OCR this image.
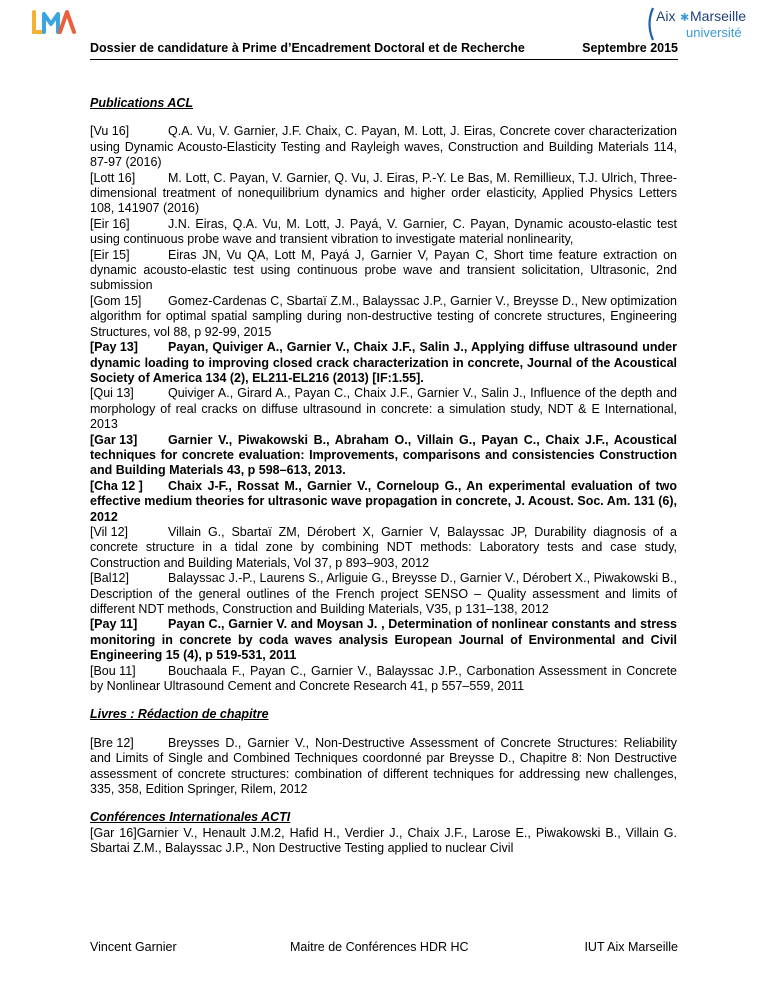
Aix ✱ Marseille
université
Dossier de candidature à Prime d’Encadrement Doctoral et de Recherche	Septembre 2015

Publications ACL

[Vu 16]	Q.A. Vu, V. Garnier, J.F. Chaix, C. Payan, M. Lott, J. Eiras, Concrete cover characterization using Dynamic Acousto-Elasticity Testing and Rayleigh waves, Construction and Building Materials 114, 87-97 (2016)

[Lott 16]	M. Lott, C. Payan, V. Garnier, Q. Vu, J. Eiras, P.-Y. Le Bas, M. Remillieux, T.J. Ulrich, Three-dimensional treatment of nonequilibrium dynamics and higher order elasticity, Applied Physics Letters 108, 141907 (2016)

[Eir 16]	J.N. Eiras, Q.A. Vu, M. Lott, J. Payá, V. Garnier, C. Payan, Dynamic acousto-elastic test using continuous probe wave and transient vibration to investigate material nonlinearity,

[Eir 15]	Eiras JN, Vu QA, Lott M, Payá J, Garnier V, Payan C, Short time feature extraction on dynamic acousto-elastic test using continuous probe wave and transient solicitation, Ultrasonic, 2nd submission

[Gom 15] Gomez-Cardenas C, Sbartaï Z.M., Balayssac J.P., Garnier V., Breysse D., New optimization algorithm for optimal spatial sampling during non-destructive testing of concrete structures, Engineering Structures, vol 88, p 92-99, 2015

[Pay 13] Payan, Quiviger A., Garnier V., Chaix J.F., Salin J., Applying diffuse ultrasound under dynamic loading to improving closed crack characterization in concrete, Journal of the Acoustical Society of America 134 (2), EL211-EL216 (2013) [IF:1.55].

[Qui 13]	Quiviger A., Girard A., Payan C., Chaix J.F., Garnier V., Salin J., Influence of the depth and morphology of real cracks on diffuse ultrasound in concrete: a simulation study, NDT & E International, 2013

[Gar 13] Garnier V., Piwakowski B., Abraham O., Villain G., Payan C., Chaix J.F., Acoustical techniques for concrete evaluation: Improvements, comparisons and consistencies Construction and Building Materials 43, p 598–613, 2013.

[Cha 12 ] Chaix J-F., Rossat M., Garnier V., Corneloup G., An experimental evaluation of two effective medium theories for ultrasonic wave propagation in concrete, J. Acoust. Soc. Am. 131 (6), 2012

[Vil 12]	Villain G., Sbartaï ZM, Dérobert X, Garnier V, Balayssac JP, Durability diagnosis of a concrete structure in a tidal zone by combining NDT methods: Laboratory tests and case study, Construction and Building Materials, Vol 37, p 893–903, 2012

[Bal12]	Balayssac J.-P., Laurens S., Arliguie G., Breysse D., Garnier V., Dérobert X., Piwakowski B., Description of the general outlines of the French project SENSO – Quality assessment and limits of different NDT methods, Construction and Building Materials, V35, p 131–138, 2012

[Pay 11] Payan C., Garnier V. and Moysan J. , Determination of nonlinear constants and stress monitoring in concrete by coda waves analysis European Journal of Environmental and Civil Engineering 15 (4), p 519-531, 2011

[Bou 11]	Bouchaala F., Payan C., Garnier V., Balayssac J.P., Carbonation Assessment in Concrete by Nonlinear Ultrasound Cement and Concrete Research 41, p 557–559, 2011

Livres : Rédaction de chapitre

[Bre 12]	Breysses D., Garnier V., Non-Destructive Assessment of Concrete Structures: Reliability and Limits of Single and Combined Techniques coordonné par Breysse D., Chapitre 8: Non Destructive assessment of concrete structures: combination of different techniques for addressing new challenges, 335, 358, Edition Springer, Rilem, 2012

Conférences Internationales ACTI

[Gar 16]Garnier V., Henault J.M.2, Hafid H., Verdier J., Chaix J.F., Larose E., Piwakowski B., Villain G. Sbartai Z.M., Balayssac J.P., Non Destructive Testing applied to nuclear Civil

Vincent Garnier	Maitre de Conférences HDR HC	IUT Aix Marseille
